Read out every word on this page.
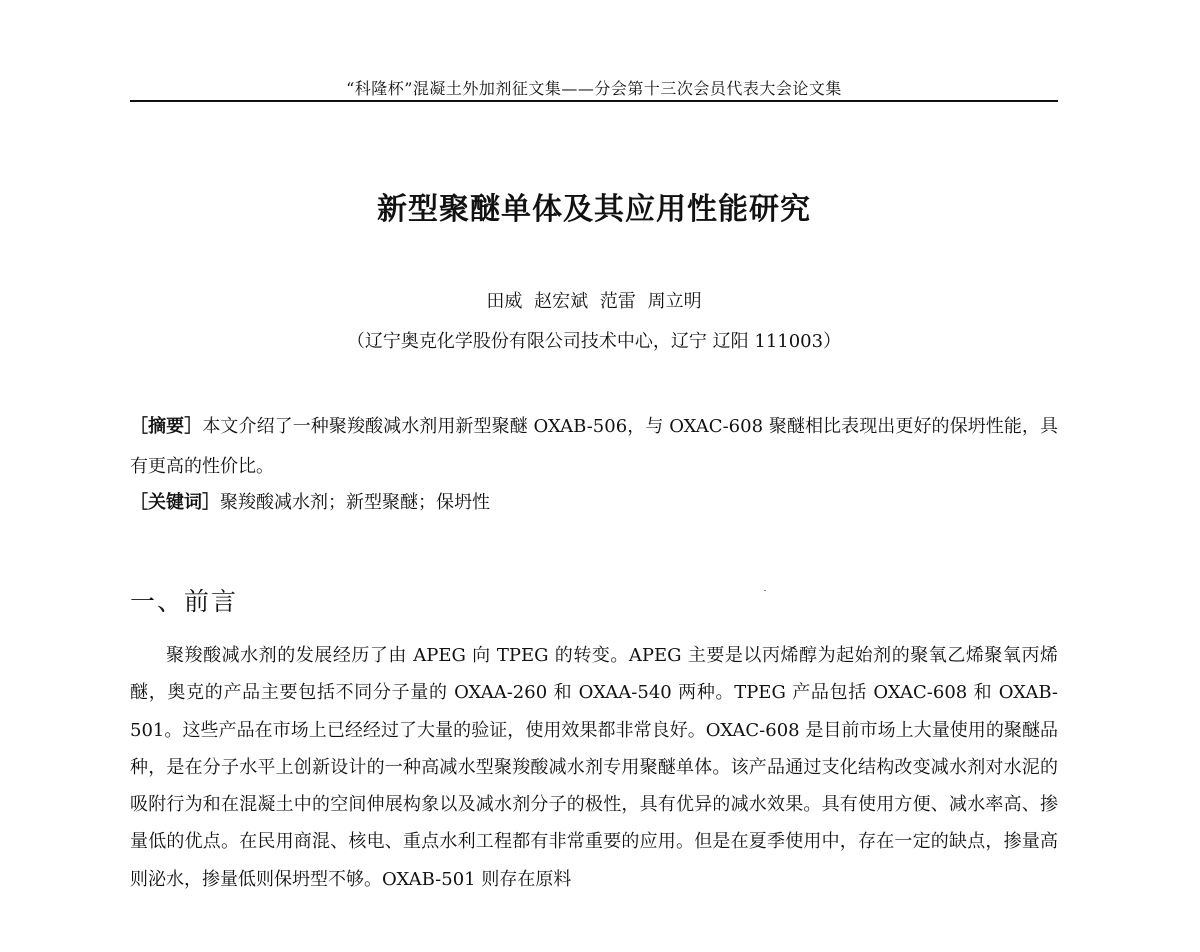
“科隆杯”混凝土外加剂征文集——分会第十三次会员代表大会论文集
新型聚醚单体及其应用性能研究
田威 赵宏斌 范雷 周立明
（辽宁奥克化学股份有限公司技术中心，辽宁 辽阳 111003）
［摘要］本文介绍了一种聚羧酸减水剂用新型聚醚 OXAB-506，与 OXAC-608 聚醚相比表现出更好的保坍性能，具有更高的性价比。
［关键词］聚羧酸减水剂；新型聚醚；保坍性
一、前言

聚羧酸减水剂的发展经历了由 APEG 向 TPEG 的转变。APEG 主要是以丙烯醇为起始剂的聚氧乙烯聚氧丙烯醚，奥克的产品主要包括不同分子量的 OXAA-260 和 OXAA-540 两种。TPEG 产品包括 OXAC-608 和 OXAB-501。这些产品在市场上已经经过了大量的验证，使用效果都非常良好。OXAC-608 是目前市场上大量使用的聚醚品种，是在分子水平上创新设计的一种高减水型聚羧酸减水剂专用聚醚单体。该产品通过支化结构改变减水剂对水泥的吸附行为和在混凝土中的空间伸展构象以及减水剂分子的极性，具有优异的减水效果。具有使用方便、减水率高、掺量低的优点。在民用商混、核电、重点水利工程都有非常重要的应用。但是在夏季使用中，存在一定的缺点，掺量高则泌水，掺量低则保坍型不够。OXAB-501 则存在原料
